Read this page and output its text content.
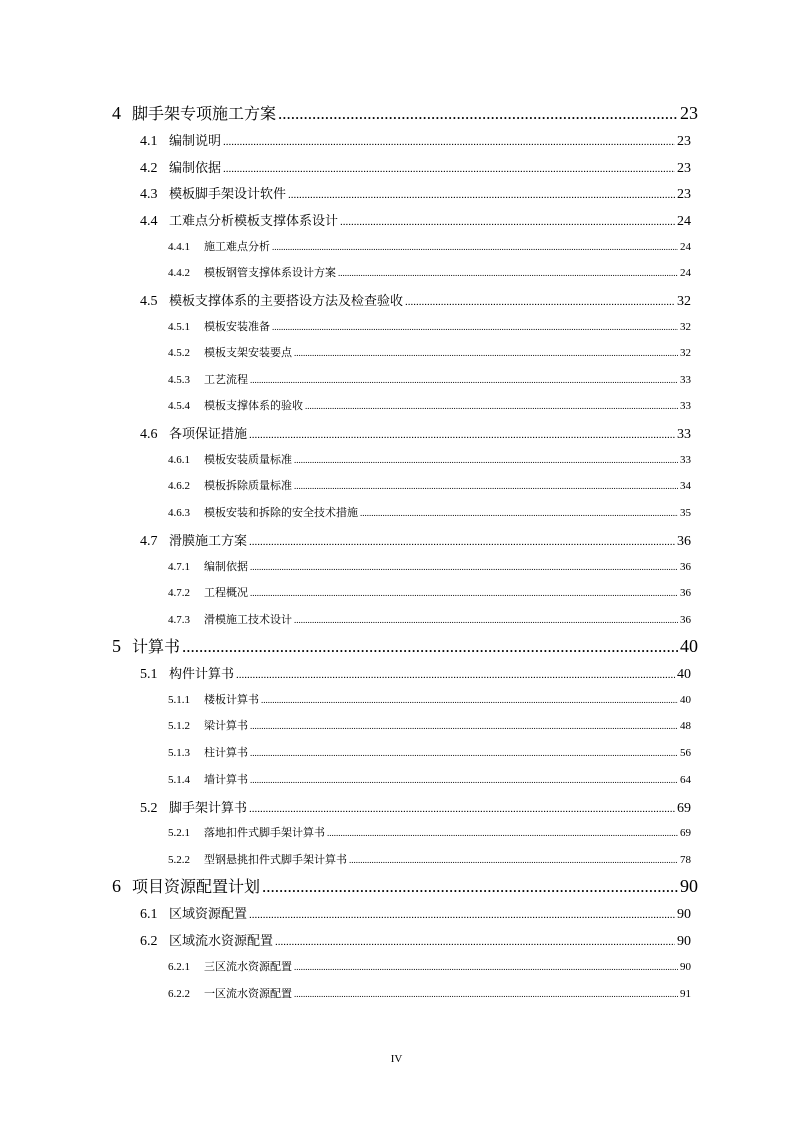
4 脚手架专项施工方案 .....	23
4.1 编制说明 .....	23
4.2 编制依据 .....	23
4.3 模板脚手架设计软件 .....	23
4.4 工难点分析模板支撑体系设计 .....	24
4.4.1	施工难点分析 .....	24
4.4.2	模板钢管支撑体系设计方案 .....	24
4.5 模板支撑体系的主要搭设方法及检查验收 .....	32
4.5.1	模板安装准备 .....	32
4.5.2	模板支架安装要点 .....	32
4.5.3	工艺流程 .....	33
4.5.4	模板支撑体系的验收 .....	33
4.6 各项保证措施 .....	33
4.6.1	模板安装质量标准 .....	33
4.6.2	模板拆除质量标准 .....	34
4.6.3	模板安装和拆除的安全技术措施 .....	35
4.7 滑膜施工方案 .....	36
4.7.1	编制依据 .....	36
4.7.2	工程概况 .....	36
4.7.3	滑模施工技术设计 .....	36
5 计算书 .....	40
5.1 构件计算书 .....	40
5.1.1	楼板计算书 .....	40
5.1.2	梁计算书 .....	48
5.1.3	柱计算书 .....	56
5.1.4	墙计算书 .....	64
5.2 脚手架计算书 .....	69
5.2.1	落地扣件式脚手架计算书 .....	69
5.2.2	型钢悬挑扣件式脚手架计算书 .....	78
6 项目资源配置计划 .....	90
6.1 区域资源配置 .....	90
6.2 区域流水资源配置 .....	90
6.2.1	三区流水资源配置 .....	90
6.2.2	一区流水资源配置 .....	91
IV
